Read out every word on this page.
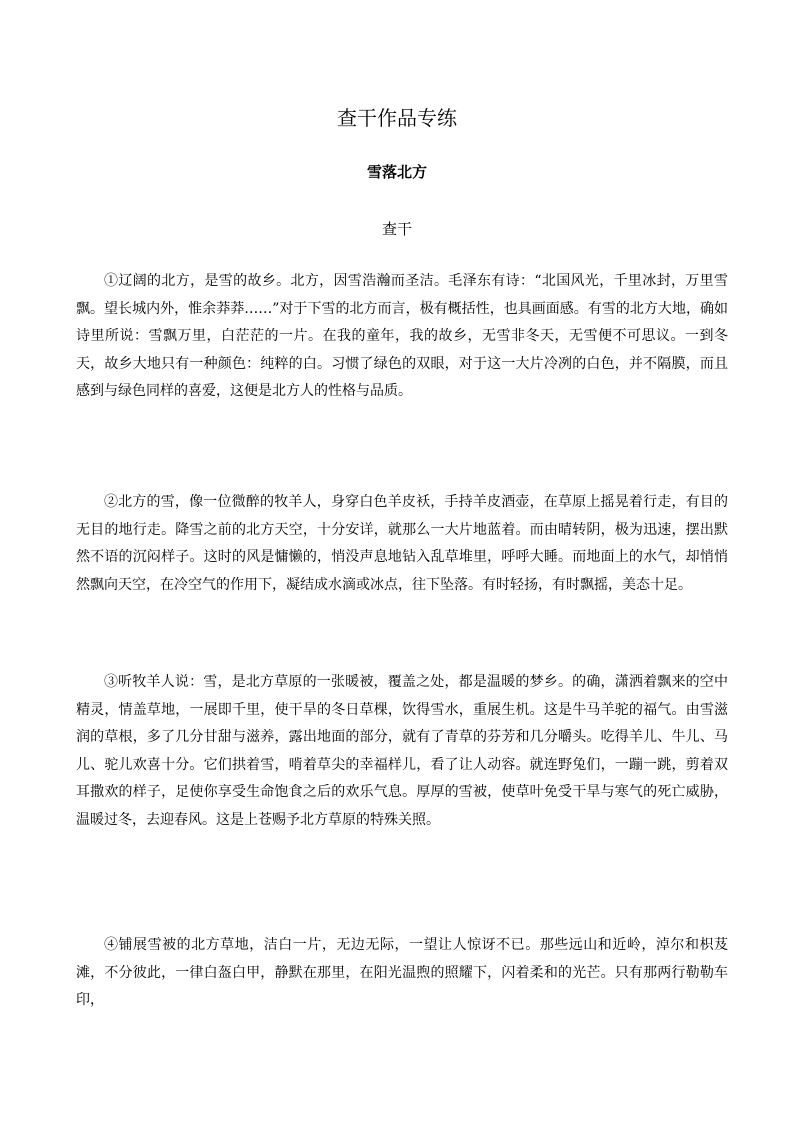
查干作品专练
雪落北方
查干

①辽阔的北方，是雪的故乡。北方，因雪浩瀚而圣洁。毛泽东有诗：“北国风光，千里冰封，万里雪飘。望长城内外，惟余莽莽……”对于下雪的北方而言，极有概括性，也具画面感。有雪的北方大地，确如诗里所说：雪飘万里，白茫茫的一片。在我的童年，我的故乡，无雪非冬天，无雪便不可思议。一到冬天，故乡大地只有一种颜色：纯粹的白。习惯了绿色的双眼，对于这一大片冷冽的白色，并不隔膜，而且感到与绿色同样的喜爱，这便是北方人的性格与品质。

②北方的雪，像一位微醉的牧羊人，身穿白色羊皮袄，手持羊皮酒壶，在草原上摇晃着行走，有目的无目的地行走。降雪之前的北方天空，十分安详，就那么一大片地蓝着。而由晴转阴，极为迅速，摆出默然不语的沉闷样子。这时的风是慵懒的，悄没声息地钻入乱草堆里，呼呼大睡。而地面上的水气，却悄悄然飘向天空，在冷空气的作用下，凝结成水滴或冰点，往下坠落。有时轻扬，有时飘摇，美态十足。

③听牧羊人说：雪，是北方草原的一张暖被，覆盖之处，都是温暖的梦乡。的确，潇洒着飘来的空中精灵，情盖草地，一展即千里，使干旱的冬日草棵，饮得雪水，重展生机。这是牛马羊驼的福气。由雪滋润的草根，多了几分甘甜与滋养，露出地面的部分，就有了青草的芬芳和几分嚼头。吃得羊儿、牛儿、马儿、驼儿欢喜十分。它们拱着雪，啃着草尖的幸福样儿，看了让人动容。就连野兔们，一蹦一跳，剪着双耳撒欢的样子，足使你享受生命饱食之后的欢乐气息。厚厚的雪被，使草叶免受干旱与寒气的死亡威胁，温暖过冬，去迎春风。这是上苍赐予北方草原的特殊关照。

④铺展雪被的北方草地，洁白一片，无边无际，一望让人惊讶不已。那些远山和近岭，淖尔和枳芨滩，不分彼此，一律白盔白甲，静默在那里，在阳光温煦的照耀下，闪着柔和的光芒。只有那两行勒勒车印，
